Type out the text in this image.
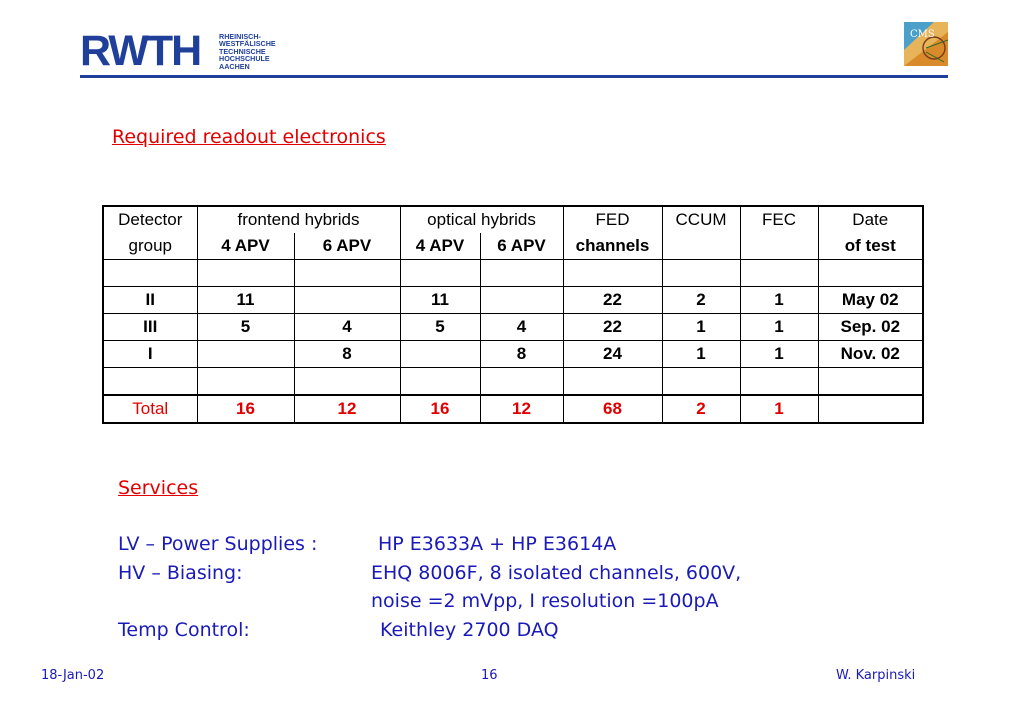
RWTH	RHEINISCH-
WESTFÄLISCHE
TECHNISCHE
HOCHSCHULE
AACHEN
CMS
Required readout electronics
Detector	frontend hybrids		optical hybrids		FED	CCUM	FEC	Date
group	4 APV	6 APV	4 APV	6 APV	channels			of test

II	11		11		22	2	1	May 02
III	5	4	5	4	22	1	1	Sep. 02
I		8		8	24	1	1	Nov. 02

Total	16	12	16	12	68	2	1	
Services
LV – Power Supplies :	HP E3633A + HP E3614A
HV – Biasing:	EHQ 8006F, 8 isolated channels, 600V,
noise =2 mVpp, I resolution =100pA
Temp Control:	Keithley 2700 DAQ
18-Jan-02	16	W. Karpinski
